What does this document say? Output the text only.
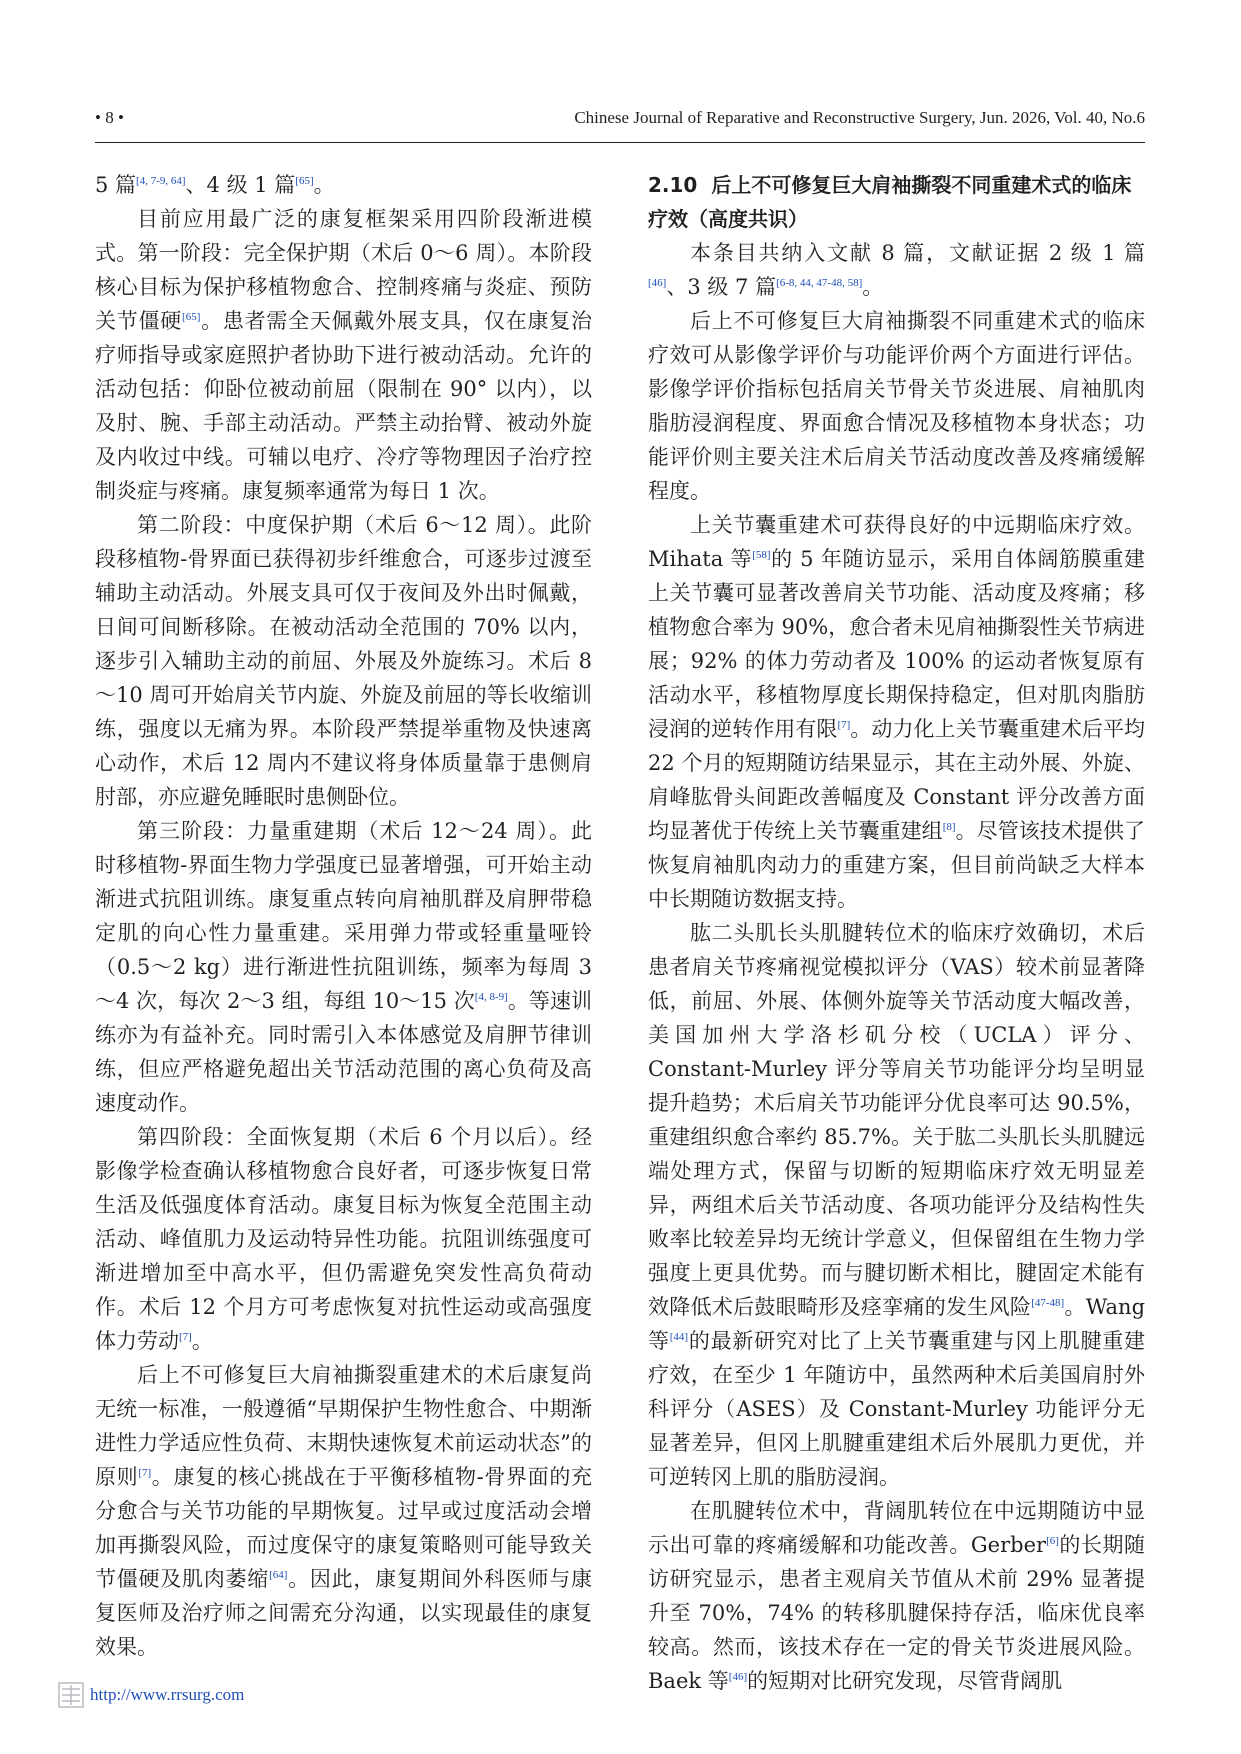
• 8 •	Chinese Journal of Reparative and Reconstructive Surgery, Jun. 2026, Vol. 40, No.6

5 篇[4, 7-9, 64]、4 级 1 篇[65]。

目前应用最广泛的康复框架采用四阶段渐进模式。第一阶段：完全保护期（术后 0～6 周）。本阶段核心目标为保护移植物愈合、控制疼痛与炎症、预防关节僵硬[65]。患者需全天佩戴外展支具，仅在康复治疗师指导或家庭照护者协助下进行被动活动。允许的活动包括：仰卧位被动前屈（限制在 90° 以内），以及肘、腕、手部主动活动。严禁主动抬臂、被动外旋及内收过中线。可辅以电疗、冷疗等物理因子治疗控制炎症与疼痛。康复频率通常为每日 1 次。

第二阶段：中度保护期（术后 6～12 周）。此阶段移植物-骨界面已获得初步纤维愈合，可逐步过渡至辅助主动活动。外展支具可仅于夜间及外出时佩戴，日间可间断移除。在被动活动全范围的 70% 以内，逐步引入辅助主动的前屈、外展及外旋练习。术后 8～10 周可开始肩关节内旋、外旋及前屈的等长收缩训练，强度以无痛为界。本阶段严禁提举重物及快速离心动作，术后 12 周内不建议将身体质量靠于患侧肩肘部，亦应避免睡眠时患侧卧位。

第三阶段：力量重建期（术后 12～24 周）。此时移植物-界面生物力学强度已显著增强，可开始主动渐进式抗阻训练。康复重点转向肩袖肌群及肩胛带稳定肌的向心性力量重建。采用弹力带或轻重量哑铃（0.5～2 kg）进行渐进性抗阻训练，频率为每周 3～4 次，每次 2～3 组，每组 10～15 次[4, 8-9]。等速训练亦为有益补充。同时需引入本体感觉及肩胛节律训练，但应严格避免超出关节活动范围的离心负荷及高速度动作。

第四阶段：全面恢复期（术后 6 个月以后）。经影像学检查确认移植物愈合良好者，可逐步恢复日常生活及低强度体育活动。康复目标为恢复全范围主动活动、峰值肌力及运动特异性功能。抗阻训练强度可渐进增加至中高水平，但仍需避免突发性高负荷动作。术后 12 个月方可考虑恢复对抗性运动或高强度体力劳动[7]。

后上不可修复巨大肩袖撕裂重建术的术后康复尚无统一标准，一般遵循“早期保护生物性愈合、中期渐进性力学适应性负荷、末期快速恢复术前运动状态”的原则[7]。康复的核心挑战在于平衡移植物-骨界面的充分愈合与关节功能的早期恢复。过早或过度活动会增加再撕裂风险，而过度保守的康复策略则可能导致关节僵硬及肌肉萎缩[64]。因此，康复期间外科医师与康复医师及治疗师之间需充分沟通，以实现最佳的康复效果。

2.10 后上不可修复巨大肩袖撕裂不同重建术式的临床疗效（高度共识）

本条目共纳入文献 8 篇，文献证据 2 级 1 篇[46]、3 级 7 篇[6-8, 44, 47-48, 58]。

后上不可修复巨大肩袖撕裂不同重建术式的临床疗效可从影像学评价与功能评价两个方面进行评估。影像学评价指标包括肩关节骨关节炎进展、肩袖肌肉脂肪浸润程度、界面愈合情况及移植物本身状态；功能评价则主要关注术后肩关节活动度改善及疼痛缓解程度。

上关节囊重建术可获得良好的中远期临床疗效。Mihata 等[58]的 5 年随访显示，采用自体阔筋膜重建上关节囊可显著改善肩关节功能、活动度及疼痛；移植物愈合率为 90%，愈合者未见肩袖撕裂性关节病进展；92% 的体力劳动者及 100% 的运动者恢复原有活动水平，移植物厚度长期保持稳定，但对肌肉脂肪浸润的逆转作用有限[7]。动力化上关节囊重建术后平均 22 个月的短期随访结果显示，其在主动外展、外旋、肩峰肱骨头间距改善幅度及 Constant 评分改善方面均显著优于传统上关节囊重建组[8]。尽管该技术提供了恢复肩袖肌肉动力的重建方案，但目前尚缺乏大样本中长期随访数据支持。

肱二头肌长头肌腱转位术的临床疗效确切，术后患者肩关节疼痛视觉模拟评分（VAS）较术前显著降低，前屈、外展、体侧外旋等关节活动度大幅改善，美国加州大学洛杉矶分校（UCLA）评分、Constant-Murley 评分等肩关节功能评分均呈明显提升趋势；术后肩关节功能评分优良率可达 90.5%，重建组织愈合率约 85.7%。关于肱二头肌长头肌腱远端处理方式，保留与切断的短期临床疗效无明显差异，两组术后关节活动度、各项功能评分及结构性失败率比较差异均无统计学意义，但保留组在生物力学强度上更具优势。而与腱切断术相比，腱固定术能有效降低术后鼓眼畸形及痉挛痛的发生风险[47-48]。Wang 等[44]的最新研究对比了上关节囊重建与冈上肌腱重建疗效，在至少 1 年随访中，虽然两种术后美国肩肘外科评分（ASES）及 Constant-Murley 功能评分无显著差异，但冈上肌腱重建组术后外展肌力更优，并可逆转冈上肌的脂肪浸润。

在肌腱转位术中，背阔肌转位在中远期随访中显示出可靠的疼痛缓解和功能改善。Gerber[6]的长期随访研究显示，患者主观肩关节值从术前 29% 显著提升至 70%，74% 的转移肌腱保持存活，临床优良率较高。然而，该技术存在一定的骨关节炎进展风险。Baek 等[46]的短期对比研究发现，尽管背阔肌

http://www.rrsurg.com
